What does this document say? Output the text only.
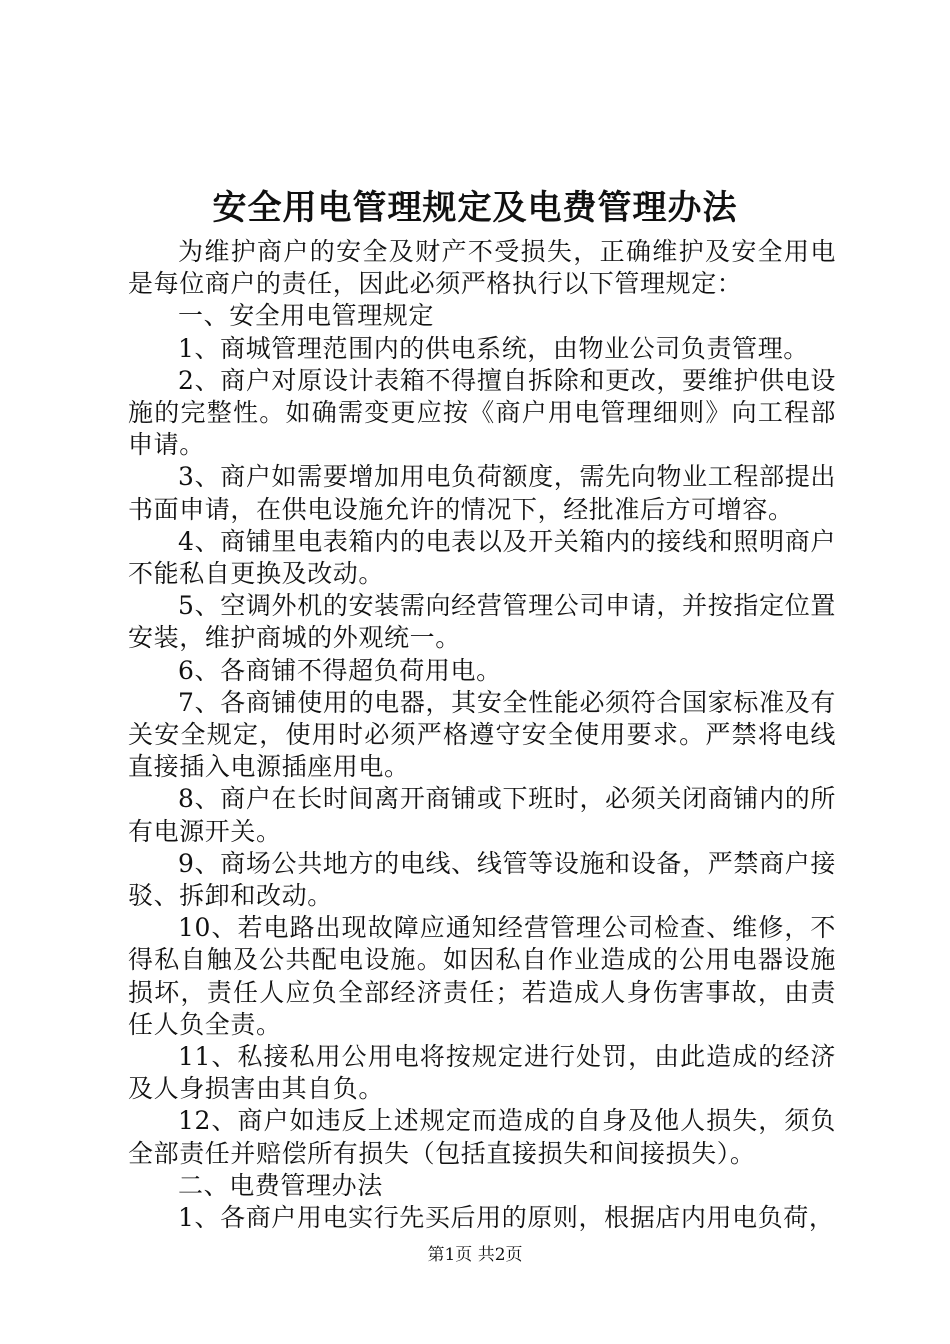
安全用电管理规定及电费管理办法

为维护商户的安全及财产不受损失，正确维护及安全用电是每位商户的责任，因此必须严格执行以下管理规定：

一、安全用电管理规定

1、商城管理范围内的供电系统，由物业公司负责管理。

2、商户对原设计表箱不得擅自拆除和更改，要维护供电设施的完整性。如确需变更应按《商户用电管理细则》向工程部申请。

3、商户如需要增加用电负荷额度，需先向物业工程部提出书面申请，在供电设施允许的情况下，经批准后方可增容。

4、商铺里电表箱内的电表以及开关箱内的接线和照明商户不能私自更换及改动。

5、空调外机的安装需向经营管理公司申请，并按指定位置安装，维护商城的外观统一。

6、各商铺不得超负荷用电。

7、各商铺使用的电器，其安全性能必须符合国家标准及有关安全规定，使用时必须严格遵守安全使用要求。严禁将电线直接插入电源插座用电。

8、商户在长时间离开商铺或下班时，必须关闭商铺内的所有电源开关。

9、商场公共地方的电线、线管等设施和设备，严禁商户接驳、拆卸和改动。

10、若电路出现故障应通知经营管理公司检查、维修，不得私自触及公共配电设施。如因私自作业造成的公用电器设施损坏，责任人应负全部经济责任；若造成人身伤害事故，由责任人负全责。

11、私接私用公用电将按规定进行处罚，由此造成的经济及人身损害由其自负。

12、商户如违反上述规定而造成的自身及他人损失，须负全部责任并赔偿所有损失（包括直接损失和间接损失）。

二、电费管理办法

1、各商户用电实行先买后用的原则，根据店内用电负荷，

第1页 共2页
